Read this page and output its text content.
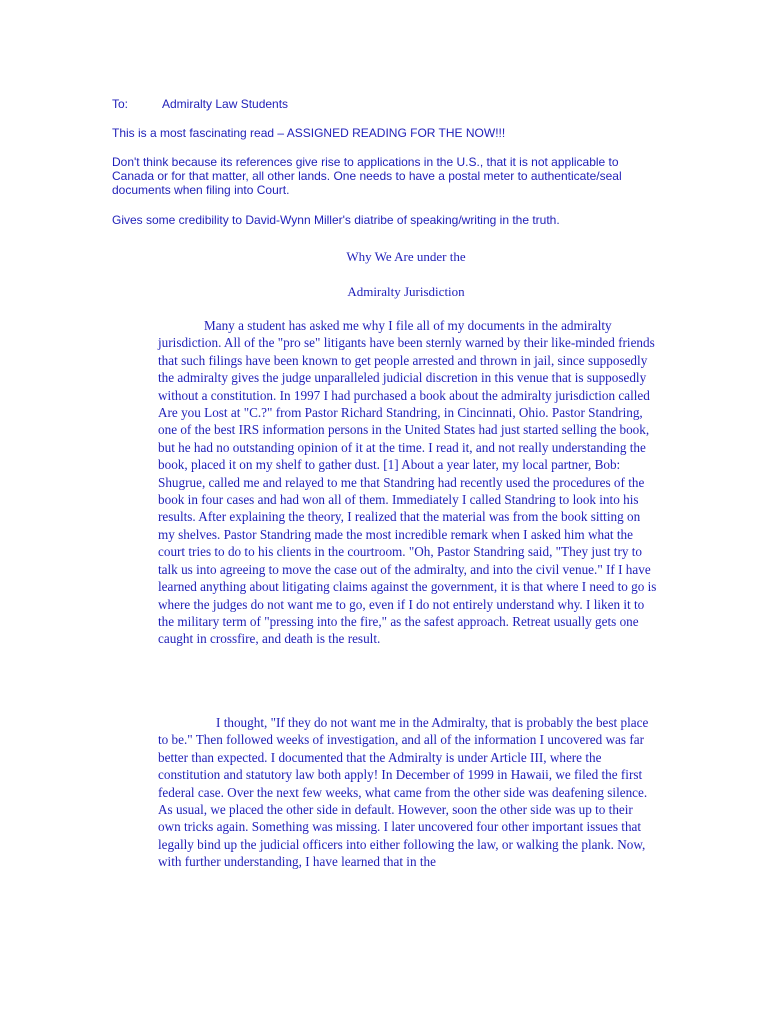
To:	Admiralty Law Students

This is a most fascinating read – ASSIGNED READING FOR THE NOW!!!

Don't think because its references give rise to applications in the U.S., that it is not applicable to Canada or for that matter, all other lands. One needs to have a postal meter to authenticate/seal documents when filing into Court.

Gives some credibility to David-Wynn Miller's diatribe of speaking/writing in the truth.

Why We Are under the
Admiralty Jurisdiction

Many a student has asked me why I file all of my documents in the admiralty jurisdiction. All of the "pro se" litigants have been sternly warned by their like-minded friends that such filings have been known to get people arrested and thrown in jail, since supposedly the admiralty gives the judge unparalleled judicial discretion in this venue that is supposedly without a constitution. In 1997 I had purchased a book about the admiralty jurisdiction called Are you Lost at "C.?" from Pastor Richard Standring, in Cincinnati, Ohio. Pastor Standring, one of the best IRS information persons in the United States had just started selling the book, but he had no outstanding opinion of it at the time. I read it, and not really understanding the book, placed it on my shelf to gather dust. [1] About a year later, my local partner, Bob: Shugrue, called me and relayed to me that Standring had recently used the procedures of the book in four cases and had won all of them. Immediately I called Standring to look into his results. After explaining the theory, I realized that the material was from the book sitting on my shelves. Pastor Standring made the most incredible remark when I asked him what the court tries to do to his clients in the courtroom. "Oh, Pastor Standring said, "They just try to talk us into agreeing to move the case out of the admiralty, and into the civil venue." If I have learned anything about litigating claims against the government, it is that where I need to go is where the judges do not want me to go, even if I do not entirely understand why. I liken it to the military term of "pressing into the fire," as the safest approach. Retreat usually gets one caught in crossfire, and death is the result.

I thought, "If they do not want me in the Admiralty, that is probably the best place to be." Then followed weeks of investigation, and all of the information I uncovered was far better than expected. I documented that the Admiralty is under Article III, where the constitution and statutory law both apply! In December of 1999 in Hawaii, we filed the first federal case. Over the next few weeks, what came from the other side was deafening silence. As usual, we placed the other side in default. However, soon the other side was up to their own tricks again. Something was missing. I later uncovered four other important issues that legally bind up the judicial officers into either following the law, or walking the plank. Now, with further understanding, I have learned that in the
